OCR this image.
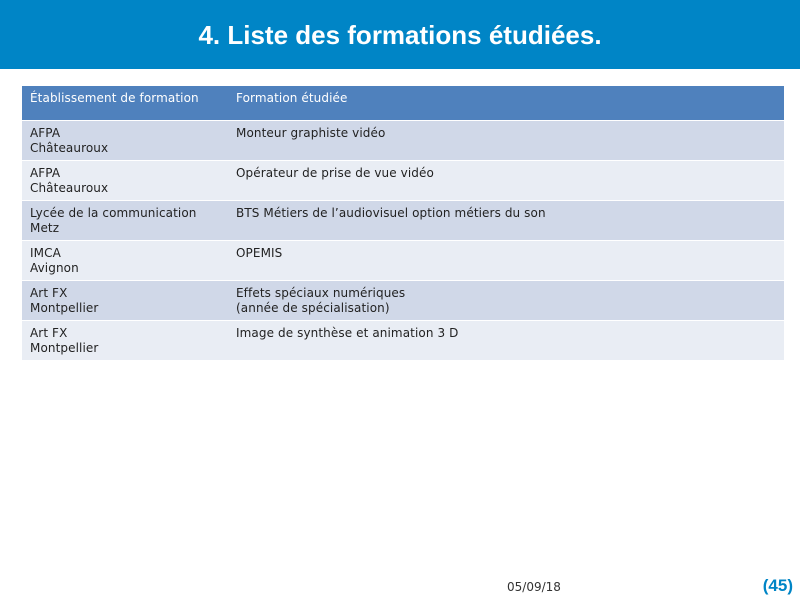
4. Liste des formations étudiées.
Établissement de formation	Formation étudiée

AFPA
Châteauroux	Monteur graphiste vidéo

AFPA
Châteauroux	Opérateur de prise de vue vidéo

Lycée de la communication
Metz	BTS Métiers de l’audiovisuel option métiers du son

IMCA
Avignon	OPEMIS

Art FX
Montpellier	Effets spéciaux numériques
(année de spécialisation)

Art FX
Montpellier	Image de synthèse et animation 3 D
05/09/18	(45)
